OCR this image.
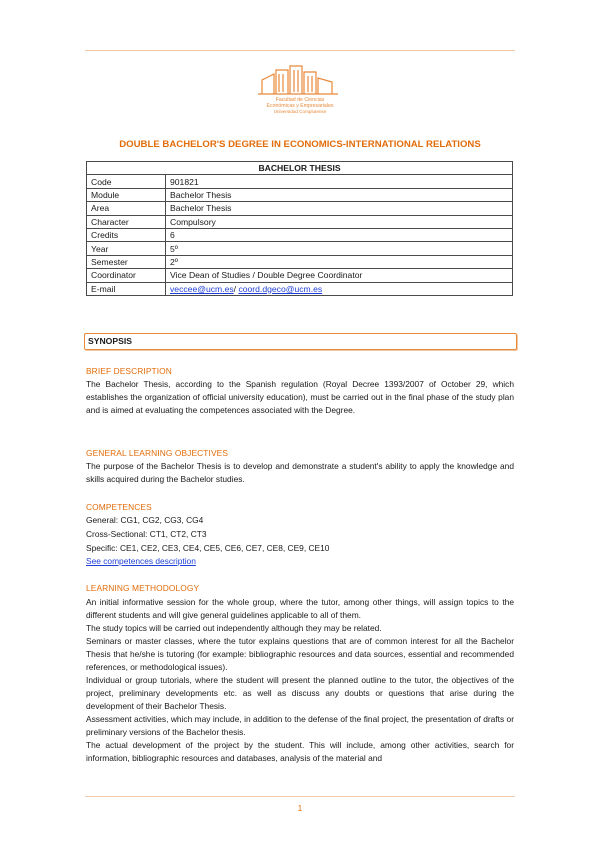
Facultad de Ciencias
Económicas y Empresariales
Universidad Complutense
DOUBLE BACHELOR'S DEGREE IN ECONOMICS-INTERNATIONAL RELATIONS
BACHELOR THESIS	
Code	901821
Module	Bachelor Thesis
Area	Bachelor Thesis
Character	Compulsory
Credits	6
Year	5º
Semester	2º
Coordinator	Vice Dean of Studies / Double Degree Coordinator
E-mail	veccee@ucm.es/ coord.dgeco@ucm.es
SYNOPSIS
BRIEF DESCRIPTION
The Bachelor Thesis, according to the Spanish regulation (Royal Decree 1393/2007 of October 29, which establishes the organization of official university education), must be carried out in the final phase of the study plan and is aimed at evaluating the competences associated with the Degree.
GENERAL LEARNING OBJECTIVES
The purpose of the Bachelor Thesis is to develop and demonstrate a student's ability to apply the knowledge and skills acquired during the Bachelor studies.
COMPETENCES
General: CG1, CG2, CG3, CG4
Cross-Sectional: CT1, CT2, CT3
Specific: CE1, CE2, CE3, CE4, CE5, CE6, CE7, CE8, CE9, CE10
See competences description
LEARNING METHODOLOGY
An initial informative session for the whole group, where the tutor, among other things, will assign topics to the different students and will give general guidelines applicable to all of them.
The study topics will be carried out independently although they may be related.
Seminars or master classes, where the tutor explains questions that are of common interest for all the Bachelor Thesis that he/she is tutoring (for example: bibliographic resources and data sources, essential and recommended references, or methodological issues).
Individual or group tutorials, where the student will present the planned outline to the tutor, the objectives of the project, preliminary developments etc. as well as discuss any doubts or questions that arise during the development of their Bachelor Thesis.
Assessment activities, which may include, in addition to the defense of the final project, the presentation of drafts or preliminary versions of the Bachelor thesis.
The actual development of the project by the student. This will include, among other activities, search for information, bibliographic resources and databases, analysis of the material and
1
